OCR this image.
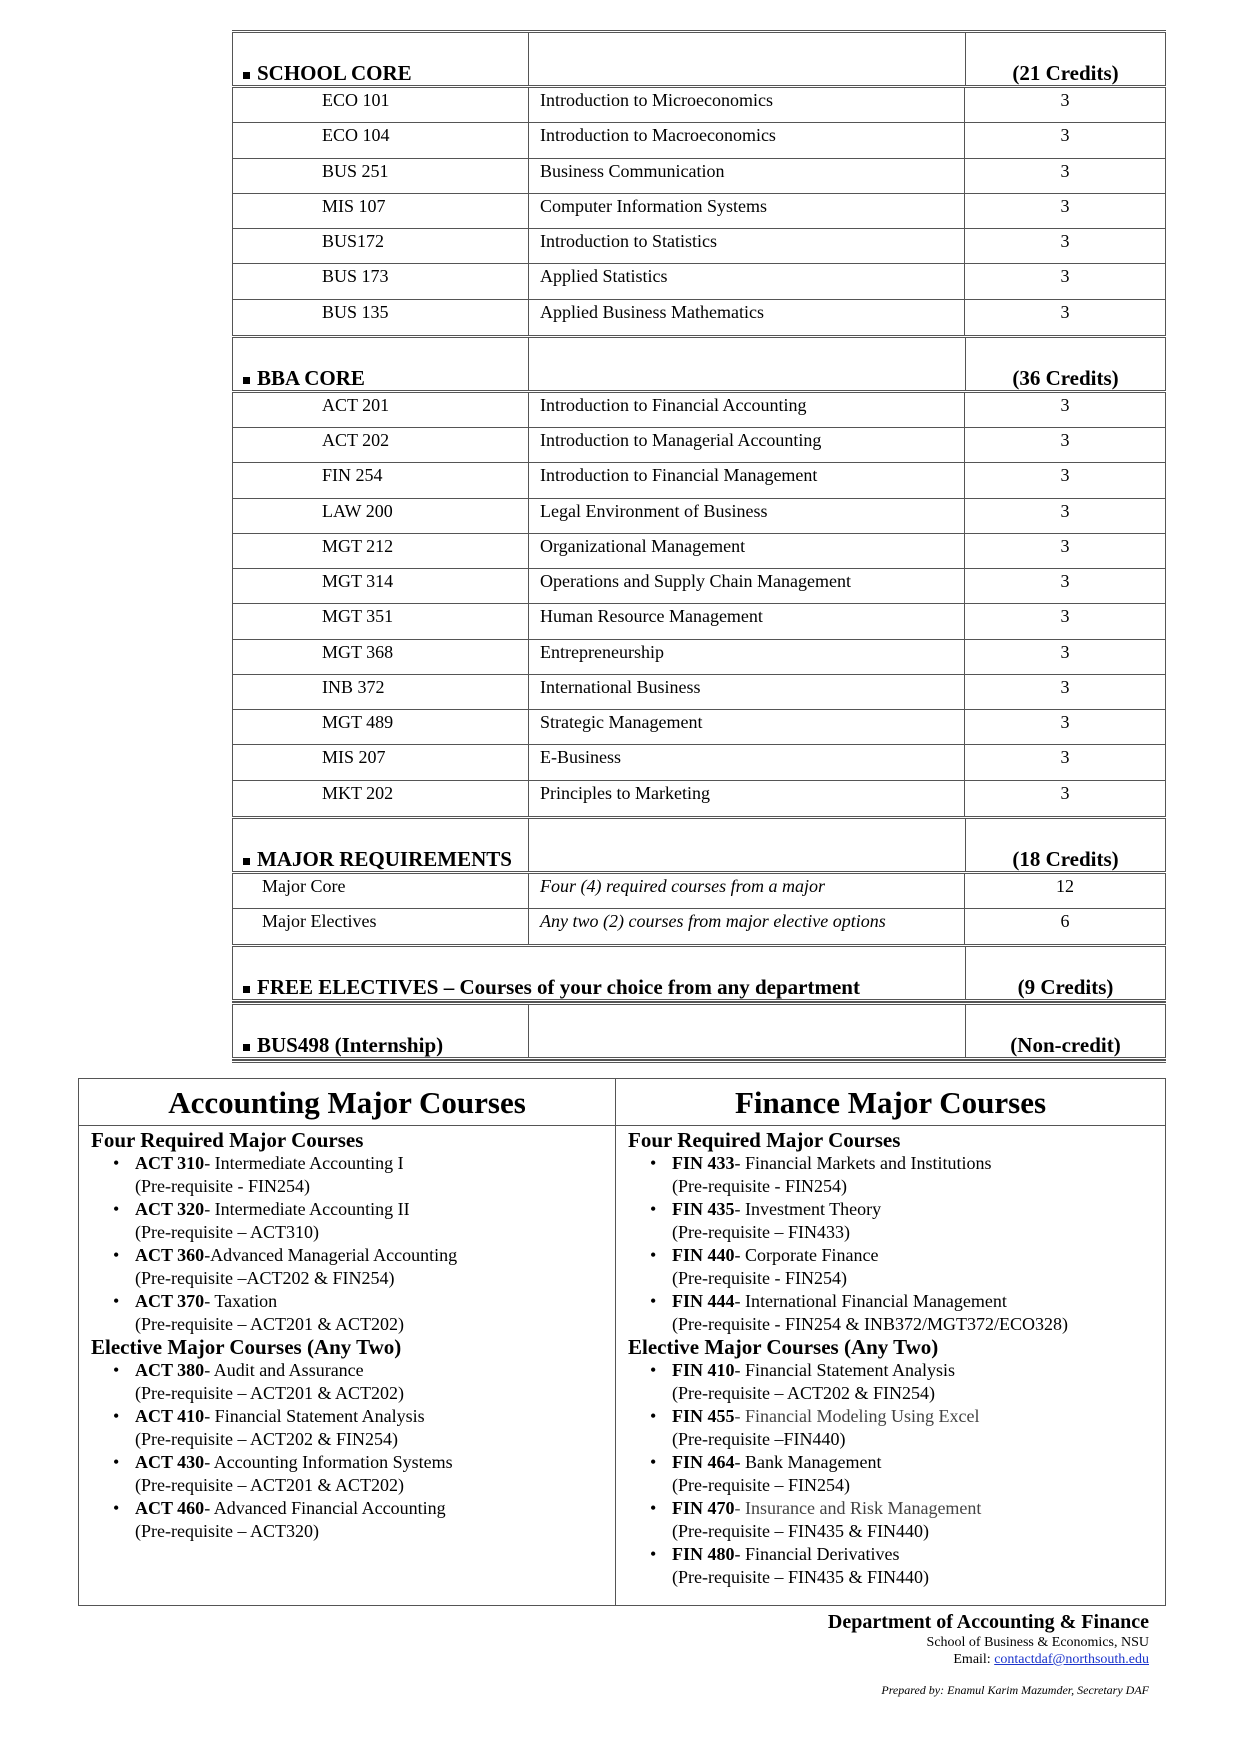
SCHOOL CORE	(21 Credits)
ECO 101	Introduction to Microeconomics	3
ECO 104	Introduction to Macroeconomics	3
BUS 251	Business Communication	3
MIS 107	Computer Information Systems	3
BUS172	Introduction to Statistics	3
BUS 173	Applied Statistics	3
BUS 135	Applied Business Mathematics	3
BBA CORE	(36 Credits)
ACT 201	Introduction to Financial Accounting	3
ACT 202	Introduction to Managerial Accounting	3
FIN 254	Introduction to Financial Management	3
LAW 200	Legal Environment of Business	3
MGT 212	Organizational Management	3
MGT 314	Operations and Supply Chain Management	3
MGT 351	Human Resource Management	3
MGT 368	Entrepreneurship	3
INB 372	International Business	3
MGT 489	Strategic Management	3
MIS 207	E-Business	3
MKT 202	Principles to Marketing	3
MAJOR REQUIREMENTS	(18 Credits)
Major Core	Four (4) required courses from a major	12
Major Electives	Any two (2) courses from major elective options	6
FREE ELECTIVES – Courses of your choice from any department	(9 Credits)
BUS498 (Internship)	(Non-credit)
Accounting Major Courses
Four Required Major Courses
• ACT 310- Intermediate Accounting I
(Pre-requisite - FIN254)
• ACT 320- Intermediate Accounting II
(Pre-requisite – ACT310)
• ACT 360-Advanced Managerial Accounting
(Pre-requisite –ACT202 & FIN254)
• ACT 370- Taxation
(Pre-requisite – ACT201 & ACT202)
Elective Major Courses (Any Two)
• ACT 380- Audit and Assurance
(Pre-requisite – ACT201 & ACT202)
• ACT 410- Financial Statement Analysis
(Pre-requisite – ACT202 & FIN254)
• ACT 430- Accounting Information Systems
(Pre-requisite – ACT201 & ACT202)
• ACT 460- Advanced Financial Accounting
(Pre-requisite – ACT320)
Finance Major Courses
Four Required Major Courses
• FIN 433- Financial Markets and Institutions
(Pre-requisite - FIN254)
• FIN 435- Investment Theory
(Pre-requisite – FIN433)
• FIN 440- Corporate Finance
(Pre-requisite - FIN254)
• FIN 444- International Financial Management
(Pre-requisite - FIN254 & INB372/MGT372/ECO328)
Elective Major Courses (Any Two)
• FIN 410- Financial Statement Analysis
(Pre-requisite – ACT202 & FIN254)
• FIN 455- Financial Modeling Using Excel
(Pre-requisite –FIN440)
• FIN 464- Bank Management
(Pre-requisite – FIN254)
• FIN 470- Insurance and Risk Management
(Pre-requisite – FIN435 & FIN440)
• FIN 480- Financial Derivatives
(Pre-requisite – FIN435 & FIN440)
Department of Accounting & Finance
School of Business & Economics, NSU
Email: contactdaf@northsouth.edu
Prepared by: Enamul Karim Mazumder, Secretary DAF
